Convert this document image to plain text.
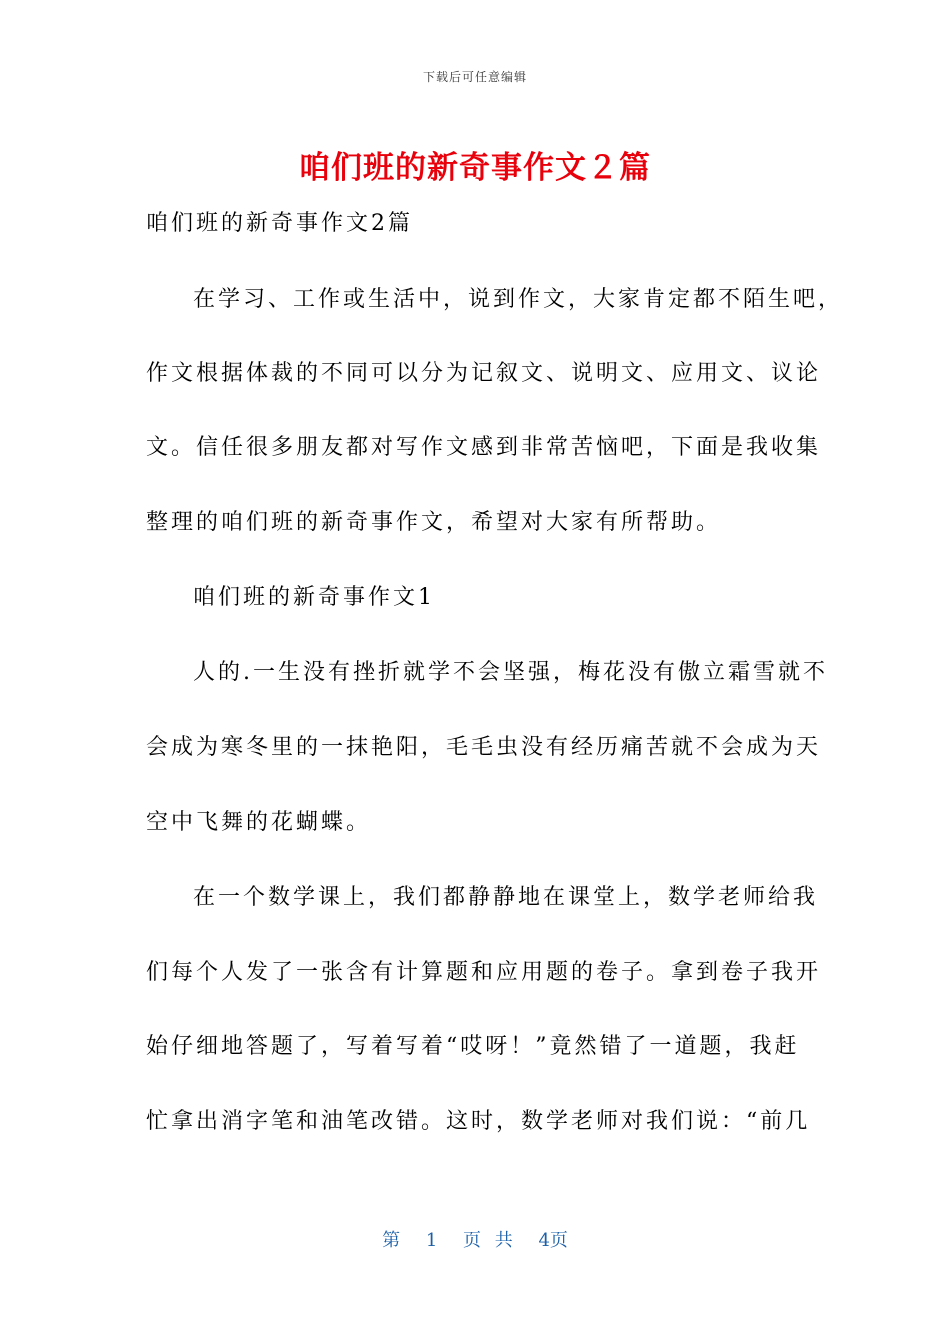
下载后可任意编辑
咱们班的新奇事作文２篇
咱们班的新奇事作文2篇
在学习、工作或生活中，说到作文，大家肯定都不陌生吧，
作文根据体裁的不同可以分为记叙文、说明文、应用文、议论
文。信任很多朋友都对写作文感到非常苦恼吧，下面是我收集
整理的咱们班的新奇事作文，希望对大家有所帮助。
咱们班的新奇事作文1
人的.一生没有挫折就学不会坚强，梅花没有傲立霜雪就不
会成为寒冬里的一抹艳阳，毛毛虫没有经历痛苦就不会成为天
空中飞舞的花蝴蝶。
在一个数学课上，我们都静静地在课堂上，数学老师给我
们每个人发了一张含有计算题和应用题的卷子。拿到卷子我开
始仔细地答题了，写着写着“哎呀！”竟然错了一道题，我赶
忙拿出消字笔和油笔改错。这时，数学老师对我们说：“前几
第 1 页 共 4页
